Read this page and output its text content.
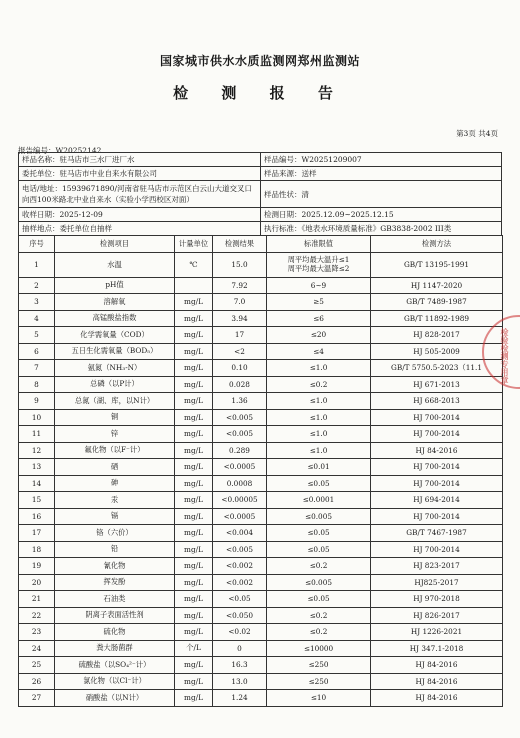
国家城市供水水质监测网郑州监测站
检 测 报 告
第3页 共4页
报告编号：W20252142
样品名称：驻马店市三水厂进厂水	样品编号：W20251209007
委托单位：驻马店市中业自来水有限公司	样品来源：送样
电话/地址：15939671890/河南省驻马店市示范区白云山大道交叉口向西100米路北中业自来水（实验小学西校区对面）	样品性状：清
收样日期：2025-12-09	检测日期：2025.12.09~2025.12.15
抽样地点：委托单位自抽样	执行标准：《地表水环境质量标准》GB3838-2002 III类
序号	检测项目	计量单位	检测结果	标准限值	检测方法
1	水温	℃	15.0	周平均最大温升≤1
周平均最大温降≤2	GB/T 13195-1991
2	pH值		7.92	6~9	HJ 1147-2020
3	溶解氧	mg/L	7.0	≥5	GB/T 7489-1987
4	高锰酸盐指数	mg/L	3.94	≤6	GB/T 11892-1989
5	化学需氧量（COD）	mg/L	17	≤20	HJ 828-2017
6	五日生化需氧量（BOD₅）	mg/L	<2	≤4	HJ 505-2009
7	氨氮（NH₃-N）	mg/L	0.10	≤1.0	GB/T 5750.5-2023（11.1
8	总磷（以P计）	mg/L	0.028	≤0.2	HJ 671-2013
9	总氮（湖、库，以N计）	mg/L	1.36	≤1.0	HJ 668-2013
10	铜	mg/L	<0.005	≤1.0	HJ 700-2014
11	锌	mg/L	<0.005	≤1.0	HJ 700-2014
12	氟化物（以F⁻计）	mg/L	0.289	≤1.0	HJ 84-2016
13	硒	mg/L	<0.0005	≤0.01	HJ 700-2014
14	砷	mg/L	0.0008	≤0.05	HJ 700-2014
15	汞	mg/L	<0.00005	≤0.0001	HJ 694-2014
16	镉	mg/L	<0.0005	≤0.005	HJ 700-2014
17	铬（六价）	mg/L	<0.004	≤0.05	GB/T 7467-1987
18	铅	mg/L	<0.005	≤0.05	HJ 700-2014
19	氰化物	mg/L	<0.002	≤0.2	HJ 823-2017
20	挥发酚	mg/L	<0.002	≤0.005	HJ825-2017
21	石油类	mg/L	<0.05	≤0.05	HJ 970-2018
22	阴离子表面活性剂	mg/L	<0.050	≤0.2	HJ 826-2017
23	硫化物	mg/L	<0.02	≤0.2	HJ 1226-2021
24	粪大肠菌群	个/L	0	≤10000	HJ 347.1-2018
25	硫酸盐（以SO₄²⁻计）	mg/L	16.3	≤250	HJ 84-2016
26	氯化物（以Cl⁻计）	mg/L	13.0	≤250	HJ 84-2016
27	硝酸盐（以N计）	mg/L	1.24	≤10	HJ 84-2016
检验检测专用章
